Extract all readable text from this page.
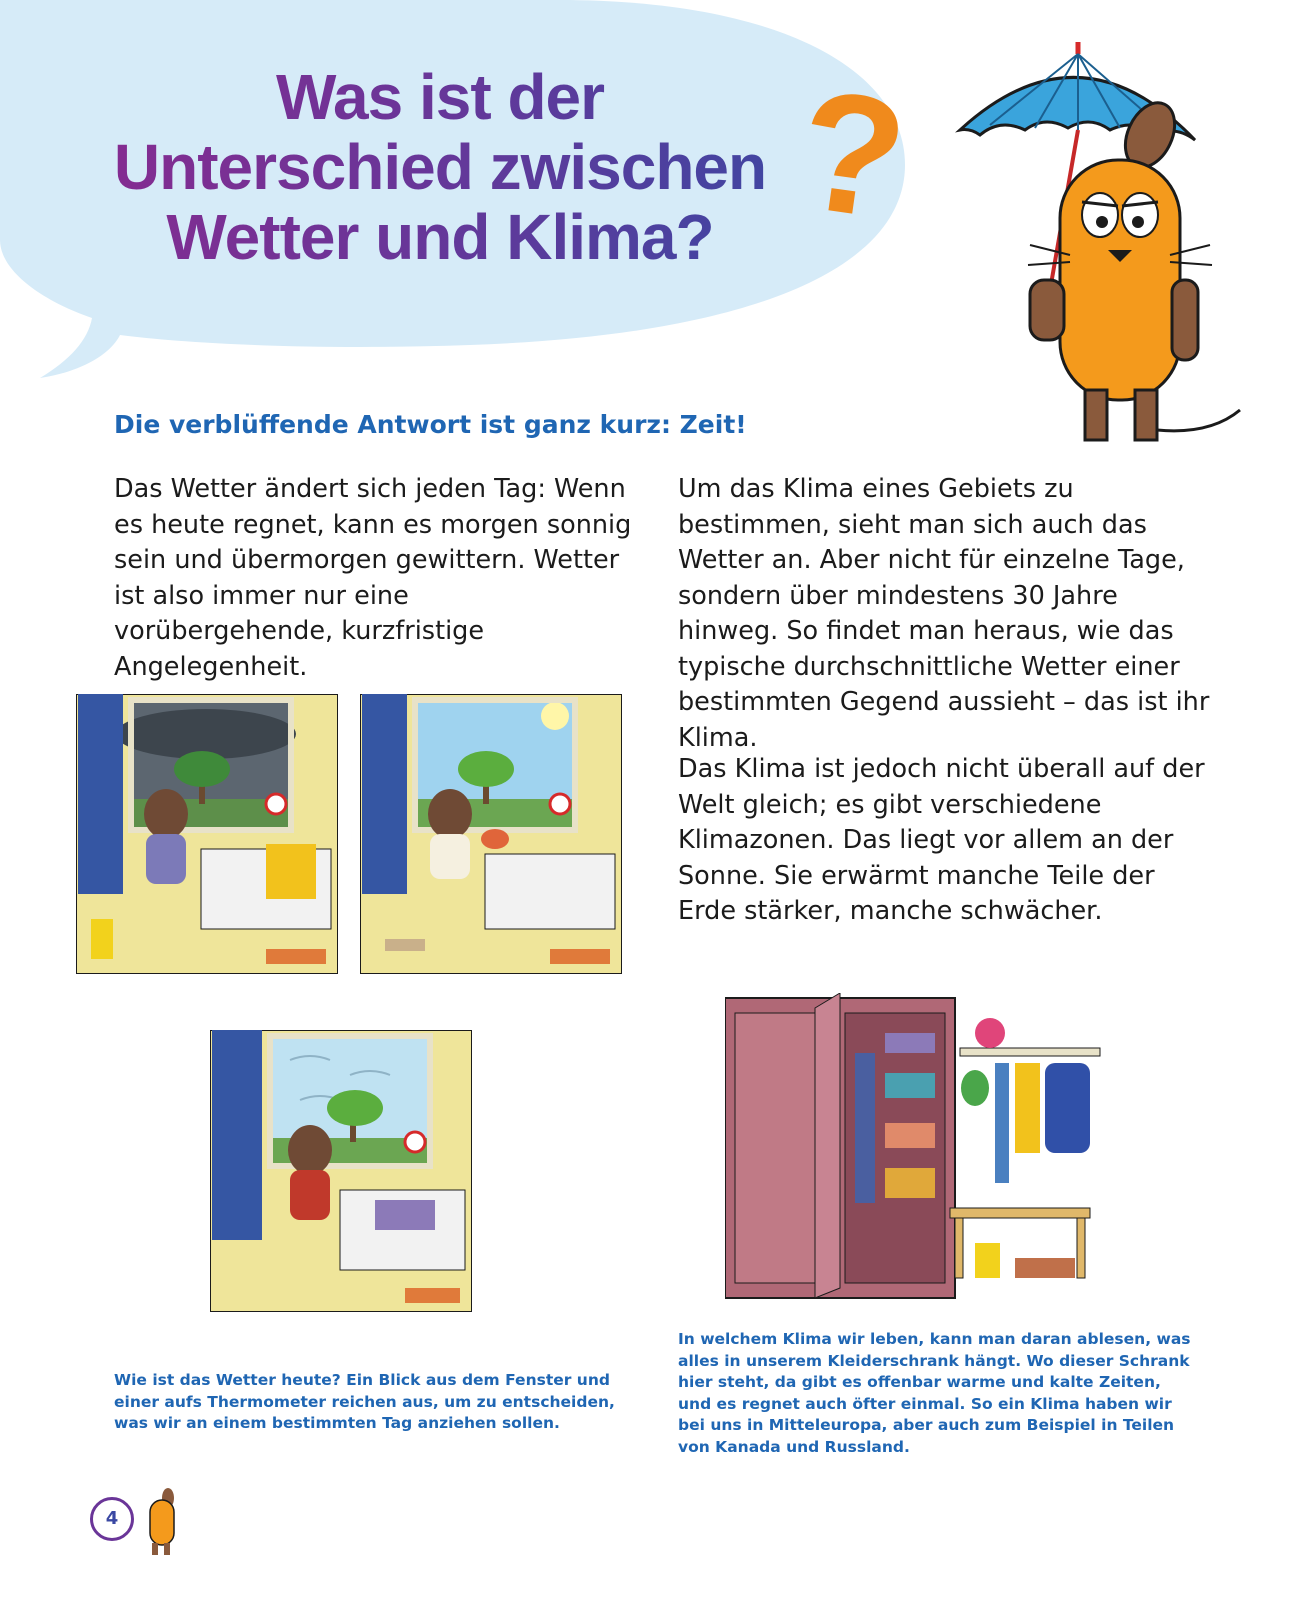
Was ist der
Unterschied zwischen
Wetter und Klima? ?

Die verblüffende Antwort ist ganz kurz: Zeit!

Das Wetter ändert sich jeden Tag: Wenn es heute regnet, kann es morgen sonnig sein und übermorgen gewittern. Wetter ist also immer nur eine vorübergehende, kurzfristige Angelegenheit.

Um das Klima eines Gebiets zu bestimmen, sieht man sich auch das Wetter an. Aber nicht für einzelne Tage, sondern über mindestens 30 Jahre hinweg. So findet man heraus, wie das typische durchschnittliche Wetter einer bestimmten Gegend aussieht – das ist ihr Klima.

Das Klima ist jedoch nicht überall auf der Welt gleich; es gibt verschiedene Klimazonen. Das liegt vor allem an der Sonne. Sie erwärmt manche Teile der Erde stärker, manche schwächer.

Wie ist das Wetter heute? Ein Blick aus dem Fenster und einer aufs Thermometer reichen aus, um zu entscheiden, was wir an einem bestimmten Tag anziehen sollen.

In welchem Klima wir leben, kann man daran ablesen, was alles in unserem Kleiderschrank hängt. Wo dieser Schrank hier steht, da gibt es offenbar warme und kalte Zeiten, und es regnet auch öfter einmal. So ein Klima haben wir bei uns in Mitteleuropa, aber auch zum Beispiel in Teilen von Kanada und Russland.

4
